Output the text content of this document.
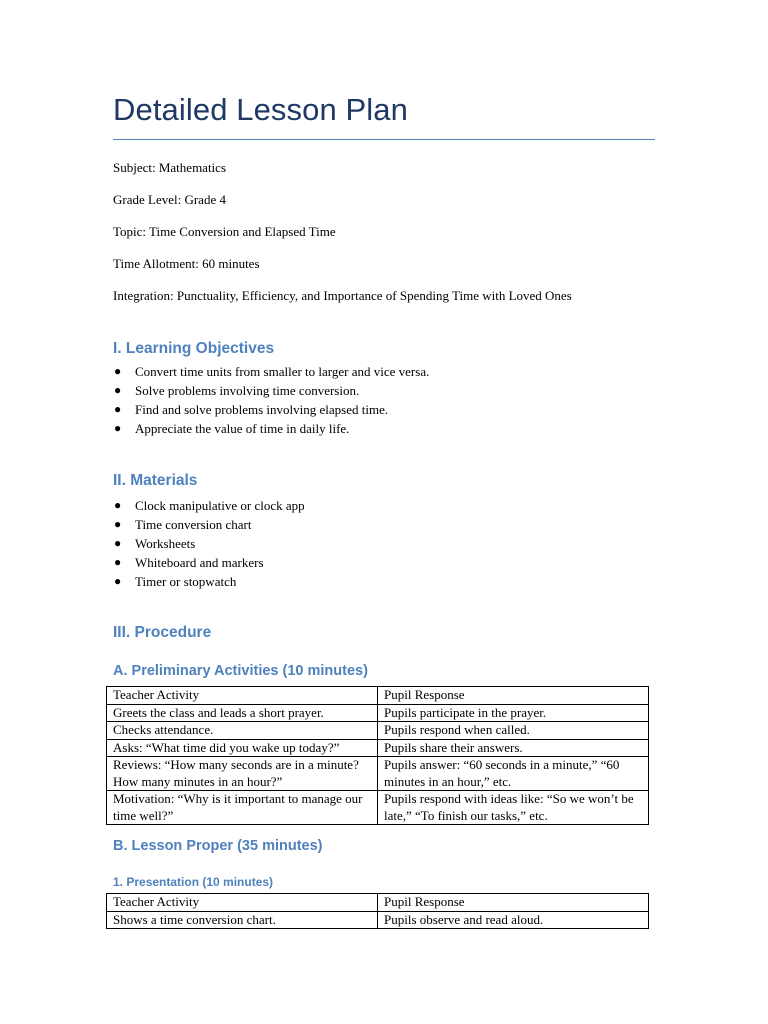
Detailed Lesson Plan

Subject: Mathematics

Grade Level: Grade 4

Topic: Time Conversion and Elapsed Time

Time Allotment: 60 minutes

Integration: Punctuality, Efficiency, and Importance of Spending Time with Loved Ones

I. Learning Objectives
● Convert time units from smaller to larger and vice versa.
● Solve problems involving time conversion.
● Find and solve problems involving elapsed time.
● Appreciate the value of time in daily life.
II. Materials
● Clock manipulative or clock app
● Time conversion chart
● Worksheets
● Whiteboard and markers
● Timer or stopwatch
III. Procedure
A. Preliminary Activities (10 minutes)
Teacher Activity	Pupil Response
Greets the class and leads a short prayer.	Pupils participate in the prayer.
Checks attendance.	Pupils respond when called.
Asks: “What time did you wake up today?”	Pupils share their answers.
Reviews: “How many seconds are in a minute? How many minutes in an hour?”	Pupils answer: “60 seconds in a minute,” “60 minutes in an hour,” etc.
Motivation: “Why is it important to manage our time well?”	Pupils respond with ideas like: “So we won’t be late,” “To finish our tasks,” etc.
B. Lesson Proper (35 minutes)
1. Presentation (10 minutes)
Teacher Activity	Pupil Response
Shows a time conversion chart.	Pupils observe and read aloud.
